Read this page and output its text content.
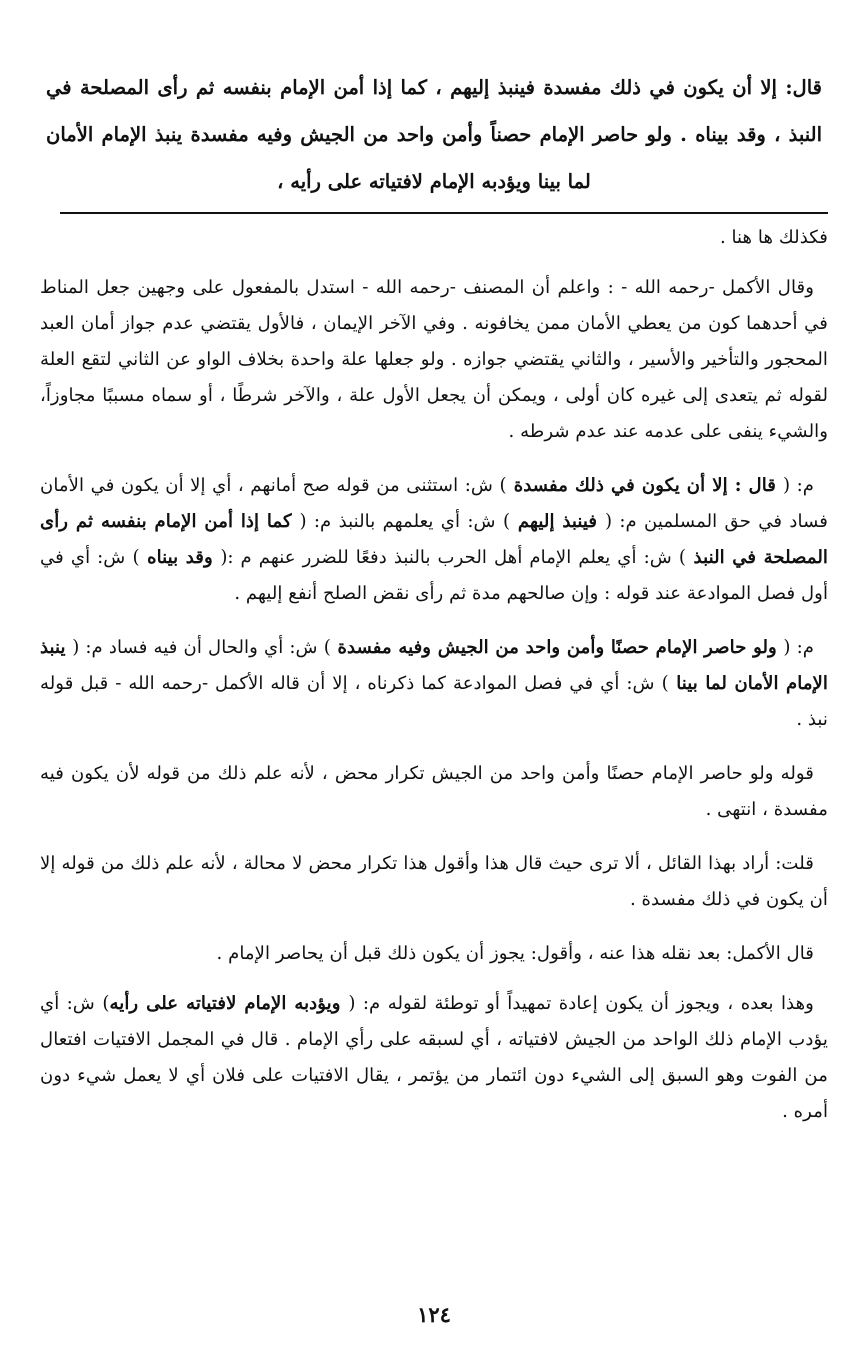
قال: إلا أن يكون في ذلك مفسدة فينبذ إليهم ، كما إذا أمن الإمام بنفسه ثم رأى المصلحة في النبذ ، وقد بيناه . ولو حاصر الإمام حصناً وأمن واحد من الجيش وفيه مفسدة ينبذ الإمام الأمان لما بينا ويؤدبه الإمام لافتياته على رأيه ،

فكذلك ها هنا .

وقال الأكمل -رحمه الله - : واعلم أن المصنف -رحمه الله - استدل بالمفعول على وجهين جعل المناط في أحدهما كون من يعطي الأمان ممن يخافونه . وفي الآخر الإيمان ، فالأول يقتضي عدم جواز أمان العبد المحجور والتأخير والأسير ، والثاني يقتضي جوازه . ولو جعلها علة واحدة بخلاف الواو عن الثاني لتقع العلة لقوله ثم يتعدى إلى غيره كان أولى ، ويمكن أن يجعل الأول علة ، والآخر شرطًا ، أو سماه مسببًا مجاوزاً، والشيء ينفى على عدمه عند عدم شرطه .

م: ( قال : إلا أن يكون في ذلك مفسدة ) ش: استثنى من قوله صح أمانهم ، أي إلا أن يكون في الأمان فساد في حق المسلمين م: ( فينبذ إليهم ) ش: أي يعلمهم بالنبذ م: ( كما إذا أمن الإمام بنفسه ثم رأى المصلحة في النبذ ) ش: أي يعلم الإمام أهل الحرب بالنبذ دفعًا للضرر عنهم م :( وقد بيناه ) ش: أي في أول فصل الموادعة عند قوله : وإن صالحهم مدة ثم رأى نقض الصلح أنفع إليهم .

م: ( ولو حاصر الإمام حصنًا وأمن واحد من الجيش وفيه مفسدة ) ش: أي والحال أن فيه فساد م: ( ينبذ الإمام الأمان لما بينا ) ش: أي في فصل الموادعة كما ذكرناه ، إلا أن قاله الأكمل -رحمه الله - قبل قوله نبذ .

قوله ولو حاصر الإمام حصنًا وأمن واحد من الجيش تكرار محض ، لأنه علم ذلك من قوله لأن يكون فيه مفسدة ، انتهى .

قلت: أراد بهذا القائل ، ألا ترى حيث قال هذا وأقول هذا تكرار محض لا محالة ، لأنه علم ذلك من قوله إلا أن يكون في ذلك مفسدة .

قال الأكمل: بعد نقله هذا عنه ، وأقول: يجوز أن يكون ذلك قبل أن يحاصر الإمام .

وهذا بعده ، ويجوز أن يكون إعادة تمهيداً أو توطئة لقوله م: ( ويؤدبه الإمام لافتياته على رأيه) ش: أي يؤدب الإمام ذلك الواحد من الجيش لافتياته ، أي لسبقه على رأي الإمام . قال في المجمل الافتيات افتعال من الفوت وهو السبق إلى الشيء دون ائتمار من يؤتمر ، يقال الافتيات على فلان أي لا يعمل شيء دون أمره .

١٢٤
